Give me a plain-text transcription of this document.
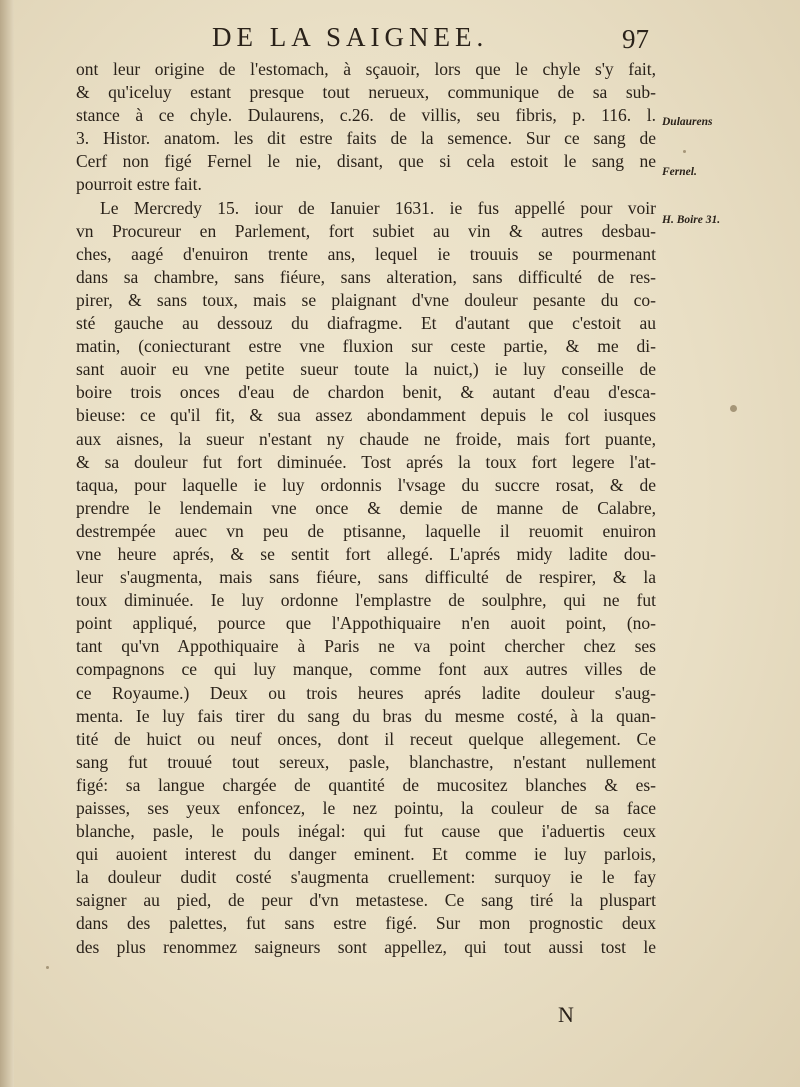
DE LA SAIGNEE.	97
ont leur origine de l'estomach, à sçauoir, lors que le chyle s'y fait,
& qu'iceluy estant presque tout nerueux, communique de sa sub-
stance à ce chyle. Dulaurens, c.26. de villis, seu fibris, p. 116. l.
3. Histor. anatom. les dit estre faits de la semence. Sur ce sang de
Cerf non figé Fernel le nie, disant, que si cela estoit le sang ne
pourroit estre fait.
Le Mercredy 15. iour de Ianuier 1631. ie fus appellé pour voir
vn Procureur en Parlement, fort subiet au vin & autres desbau-
ches, aagé d'enuiron trente ans, lequel ie trouuis se pourmenant
dans sa chambre, sans fiéure, sans alteration, sans difficulté de res-
pirer, & sans toux, mais se plaignant d'vne douleur pesante du co-
sté gauche au dessouz du diafragme. Et d'autant que c'estoit au
matin, (coniecturant estre vne fluxion sur ceste partie, & me di-
sant auoir eu vne petite sueur toute la nuict,) ie luy conseille de
boire trois onces d'eau de chardon benit, & autant d'eau d'esca-
bieuse: ce qu'il fit, & sua assez abondamment depuis le col iusques
aux aisnes, la sueur n'estant ny chaude ne froide, mais fort puante,
& sa douleur fut fort diminuée. Tost aprés la toux fort legere l'at-
taqua, pour laquelle ie luy ordonnis l'vsage du succre rosat, & de
prendre le lendemain vne once & demie de manne de Calabre,
destrempée auec vn peu de ptisanne, laquelle il reuomit enuiron
vne heure aprés, & se sentit fort allegé. L'aprés midy ladite dou-
leur s'augmenta, mais sans fiéure, sans difficulté de respirer, & la
toux diminuée. Ie luy ordonne l'emplastre de soulphre, qui ne fut
point appliqué, pource que l'Appothiquaire n'en auoit point, (no-
tant qu'vn Appothiquaire à Paris ne va point chercher chez ses
compagnons ce qui luy manque, comme font aux autres villes de
ce Royaume.) Deux ou trois heures aprés ladite douleur s'aug-
menta. Ie luy fais tirer du sang du bras du mesme costé, à la quan-
tité de huict ou neuf onces, dont il receut quelque allegement. Ce
sang fut trouué tout sereux, pasle, blanchastre, n'estant nullement
figé: sa langue chargée de quantité de mucositez blanches & es-
paisses, ses yeux enfoncez, le nez pointu, la couleur de sa face
blanche, pasle, le pouls inégal: qui fut cause que i'aduertis ceux
qui auoient interest du danger eminent. Et comme ie luy parlois,
la douleur dudit costé s'augmenta cruellement: surquoy ie le fay
saigner au pied, de peur d'vn metastese. Ce sang tiré la pluspart
dans des palettes, fut sans estre figé. Sur mon prognostic deux
des plus renommez saigneurs sont appellez, qui tout aussi tost le
Dulaurens
Fernel.
H. Boire 31.
N
